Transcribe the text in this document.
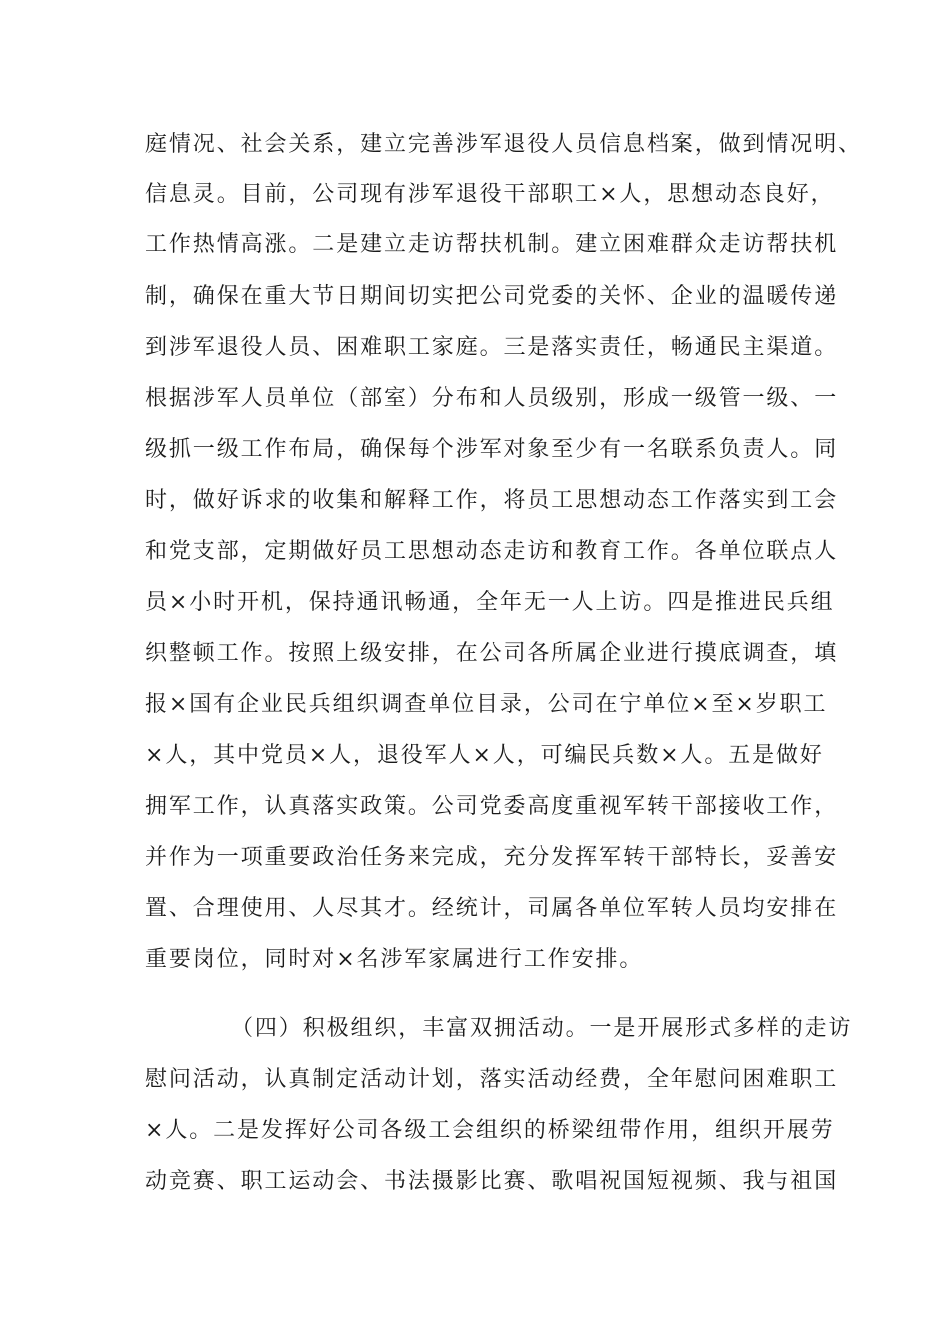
庭情况、社会关系，建立完善涉军退役人员信息档案，做到情况明、
信息灵。目前，公司现有涉军退役干部职工×人，思想动态良好，
工作热情高涨。二是建立走访帮扶机制。建立困难群众走访帮扶机
制，确保在重大节日期间切实把公司党委的关怀、企业的温暖传递
到涉军退役人员、困难职工家庭。三是落实责任，畅通民主渠道。
根据涉军人员单位（部室）分布和人员级别，形成一级管一级、一
级抓一级工作布局，确保每个涉军对象至少有一名联系负责人。同
时，做好诉求的收集和解释工作，将员工思想动态工作落实到工会
和党支部，定期做好员工思想动态走访和教育工作。各单位联点人
员×小时开机，保持通讯畅通，全年无一人上访。四是推进民兵组
织整顿工作。按照上级安排，在公司各所属企业进行摸底调查，填
报×国有企业民兵组织调查单位目录，公司在宁单位×至×岁职工
×人，其中党员×人，退役军人×人，可编民兵数×人。五是做好
拥军工作，认真落实政策。公司党委高度重视军转干部接收工作，
并作为一项重要政治任务来完成，充分发挥军转干部特长，妥善安
置、合理使用、人尽其才。经统计，司属各单位军转人员均安排在
重要岗位，同时对×名涉军家属进行工作安排。
（四）积极组织，丰富双拥活动。一是开展形式多样的走访
慰问活动，认真制定活动计划，落实活动经费，全年慰问困难职工
×人。二是发挥好公司各级工会组织的桥梁纽带作用，组织开展劳
动竞赛、职工运动会、书法摄影比赛、歌唱祝国短视频、我与祖国
